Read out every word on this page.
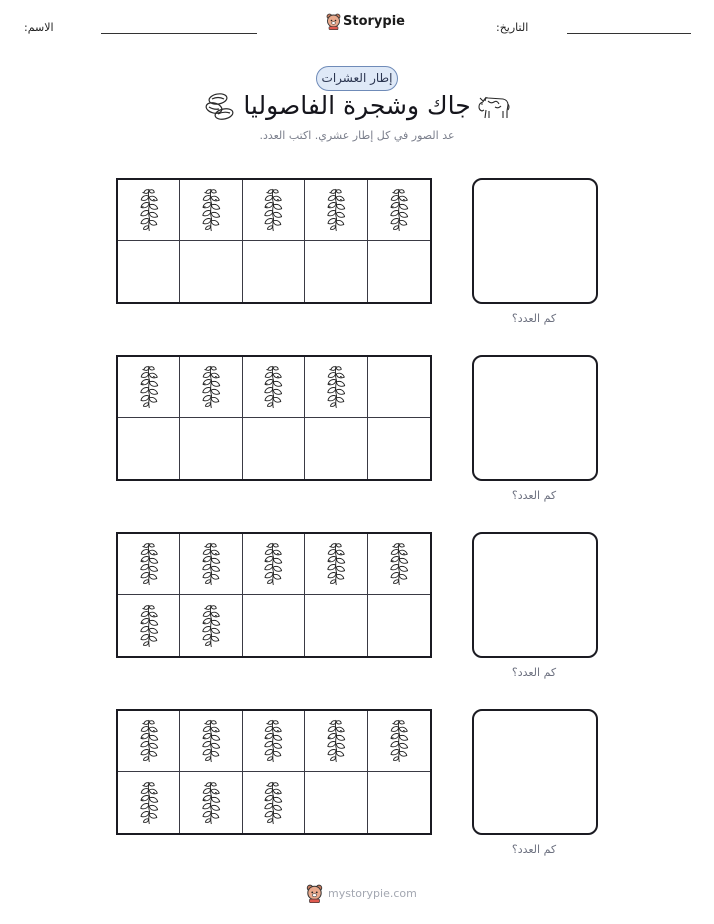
الاسم:	Storypie	التاريخ:
إطار العشرات
جاك وشجرة الفاصوليا
عد الصور في كل إطار عشري. اكتب العدد.
كم العدد؟
كم العدد؟
كم العدد؟
كم العدد؟
mystorypie.com
